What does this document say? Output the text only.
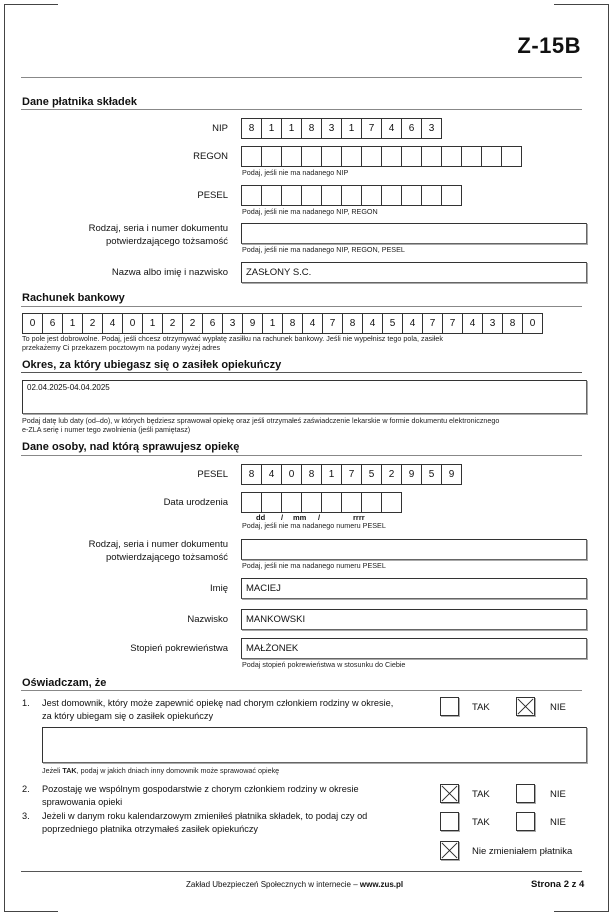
Z-15B
Dane płatnika składek
NIP	8	1	1	8	3	1	7	4	6	3
REGON
Podaj, jeśli nie ma nadanego NIP
PESEL
Podaj, jeśli nie ma nadanego NIP, REGON
Rodzaj, seria i numer dokumentu
potwierdzającego tożsamość
Podaj, jeśli nie ma nadanego NIP, REGON, PESEL
Nazwa albo imię i nazwisko	ZASŁONY S.C.
Rachunek bankowy
0	6	1	2	4	0	1	2	2	6	3	9	1	8	4	7	8	4	5	4	7	7	4	3	8	0
To pole jest dobrowolne. Podaj, jeśli chcesz otrzymywać wypłatę zasiłku na rachunek bankowy. Jeśli nie wypełnisz tego pola, zasiłek
przekażemy Ci przekazem pocztowym na podany wyżej adres
Okres, za który ubiegasz się o zasiłek opiekuńczy
02.04.2025-04.04.2025
Podaj datę lub daty (od–do), w których będziesz sprawował opiekę oraz jeśli otrzymałeś zaświadczenie lekarskie w formie dokumentu elektronicznego
e-ZLA serię i numer tego zwolnienia (jeśli pamiętasz)
Dane osoby, nad którą sprawujesz opiekę
PESEL	8	4	0	8	1	7	5	2	9	5	9
Data urodzenia
dd / mm /	rrrr
Podaj, jeśli nie ma nadanego numeru PESEL
Rodzaj, seria i numer dokumentu
potwierdzającego tożsamość
Podaj, jeśli nie ma nadanego numeru PESEL
Imię	MACIEJ
Nazwisko	MANKOWSKI
Stopień pokrewieństwa	MAŁŻONEK
Podaj stopień pokrewieństwa w stosunku do Ciebie
Oświadczam, że
1. Jest domownik, który może zapewnić opiekę nad chorym członkiem rodziny w okresie,
za który ubiegam się o zasiłek opiekuńczy
TAK	NIE
Jeżeli TAK, podaj w jakich dniach inny domownik może sprawować opiekę
2. Pozostaję we wspólnym gospodarstwie z chorym członkiem rodziny w okresie
sprawowania opieki
TAK	NIE
3. Jeżeli w danym roku kalendarzowym zmieniłeś płatnika składek, to podaj czy od
poprzedniego płatnika otrzymałeś zasiłek opiekuńczy
TAK	NIE
Nie zmieniałem płatnika
Zakład Ubezpieczeń Społecznych w internecie – www.zus.pl	Strona 2 z 4
